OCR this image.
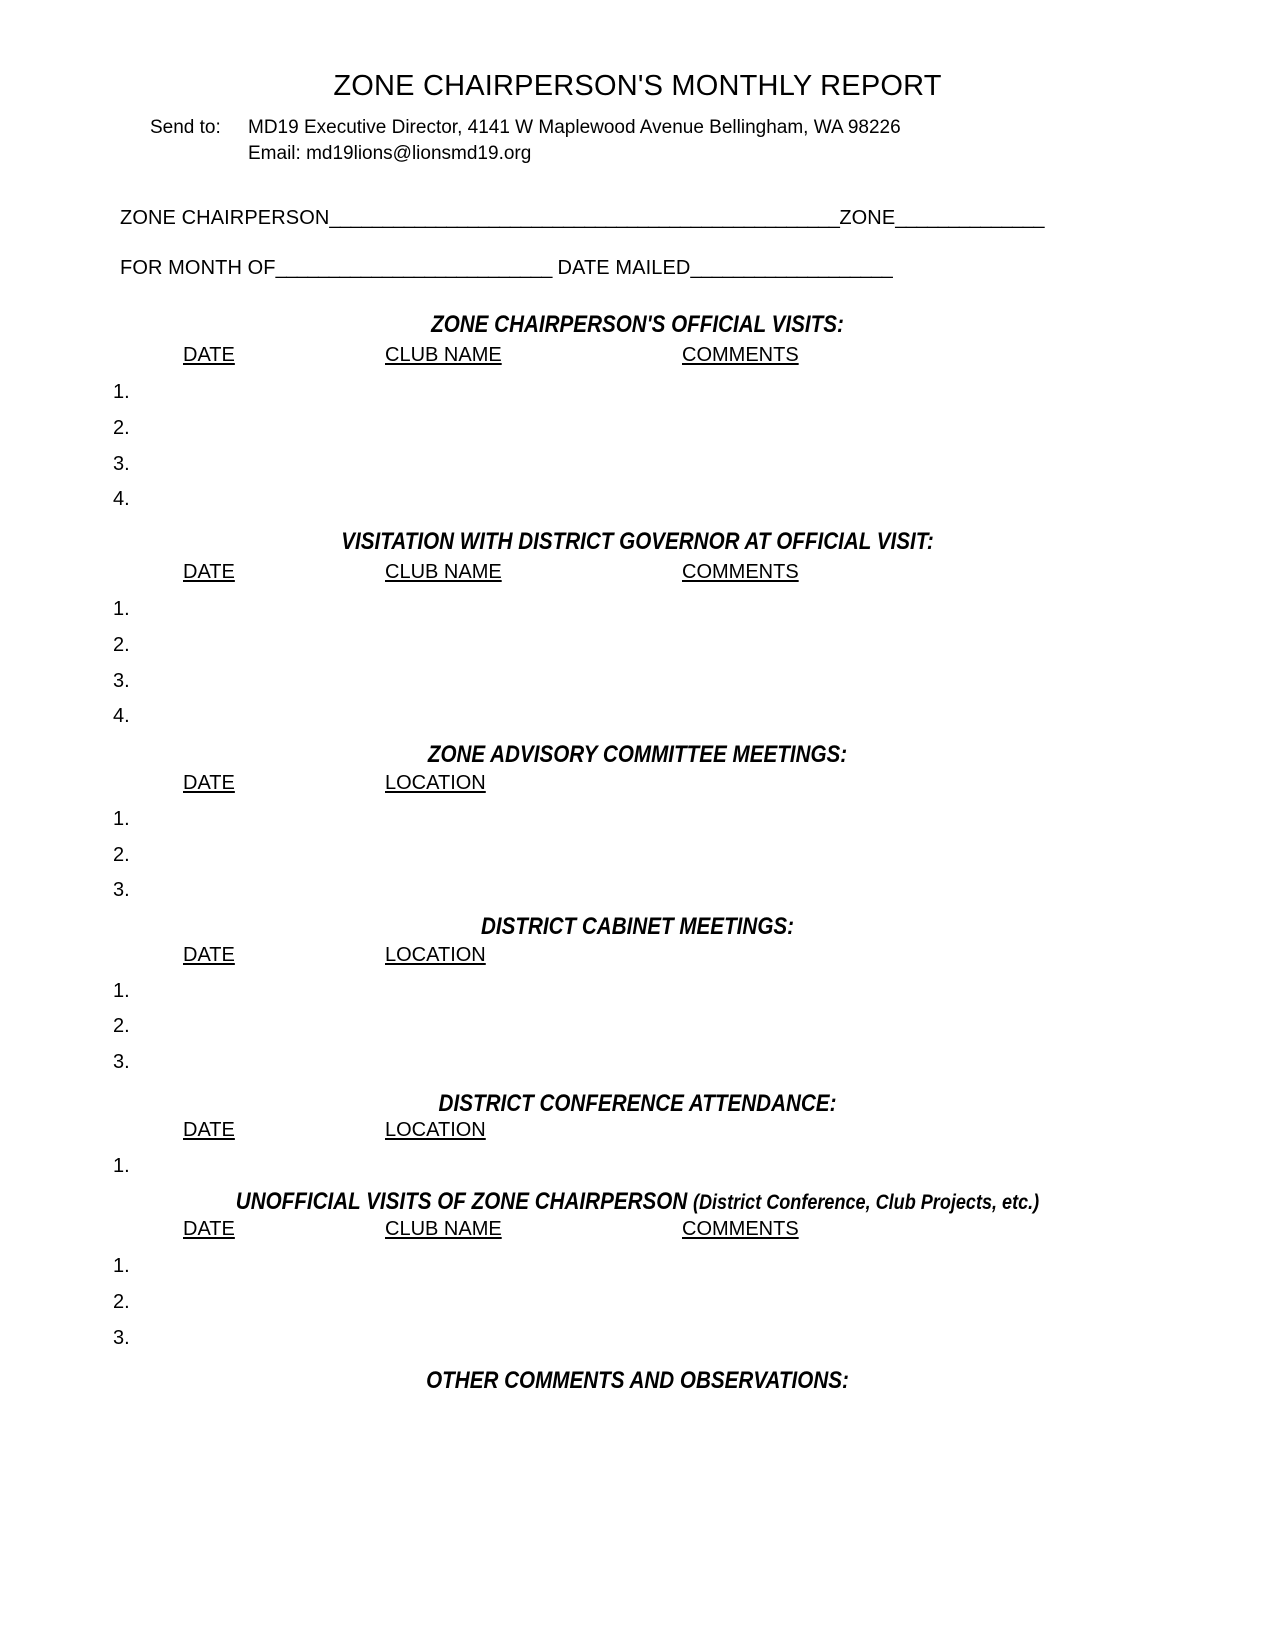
ZONE CHAIRPERSON'S MONTHLY REPORT
Send to: MD19 Executive Director, 4141 W Maplewood Avenue Bellingham, WA 98226
Email: md19lions@lionsmd19.org
ZONE CHAIRPERSON________________________________________________ZONE______________
FOR MONTH OF__________________________ DATE MAILED___________________
ZONE CHAIRPERSON'S OFFICIAL VISITS:
DATE	CLUB NAME	COMMENTS
1.
2.
3.
4.
VISITATION WITH DISTRICT GOVERNOR AT OFFICIAL VISIT:
DATE	CLUB NAME	COMMENTS
1.
2.
3.
4.
ZONE ADVISORY COMMITTEE MEETINGS:
DATE	LOCATION
1.
2.
3.
DISTRICT CABINET MEETINGS:
DATE	LOCATION
1.
2.
3.
DISTRICT CONFERENCE ATTENDANCE:
DATE	LOCATION
1.
UNOFFICIAL VISITS OF ZONE CHAIRPERSON (District Conference, Club Projects, etc.)
DATE	CLUB NAME	COMMENTS
1.
2.
3.
OTHER COMMENTS AND OBSERVATIONS:
